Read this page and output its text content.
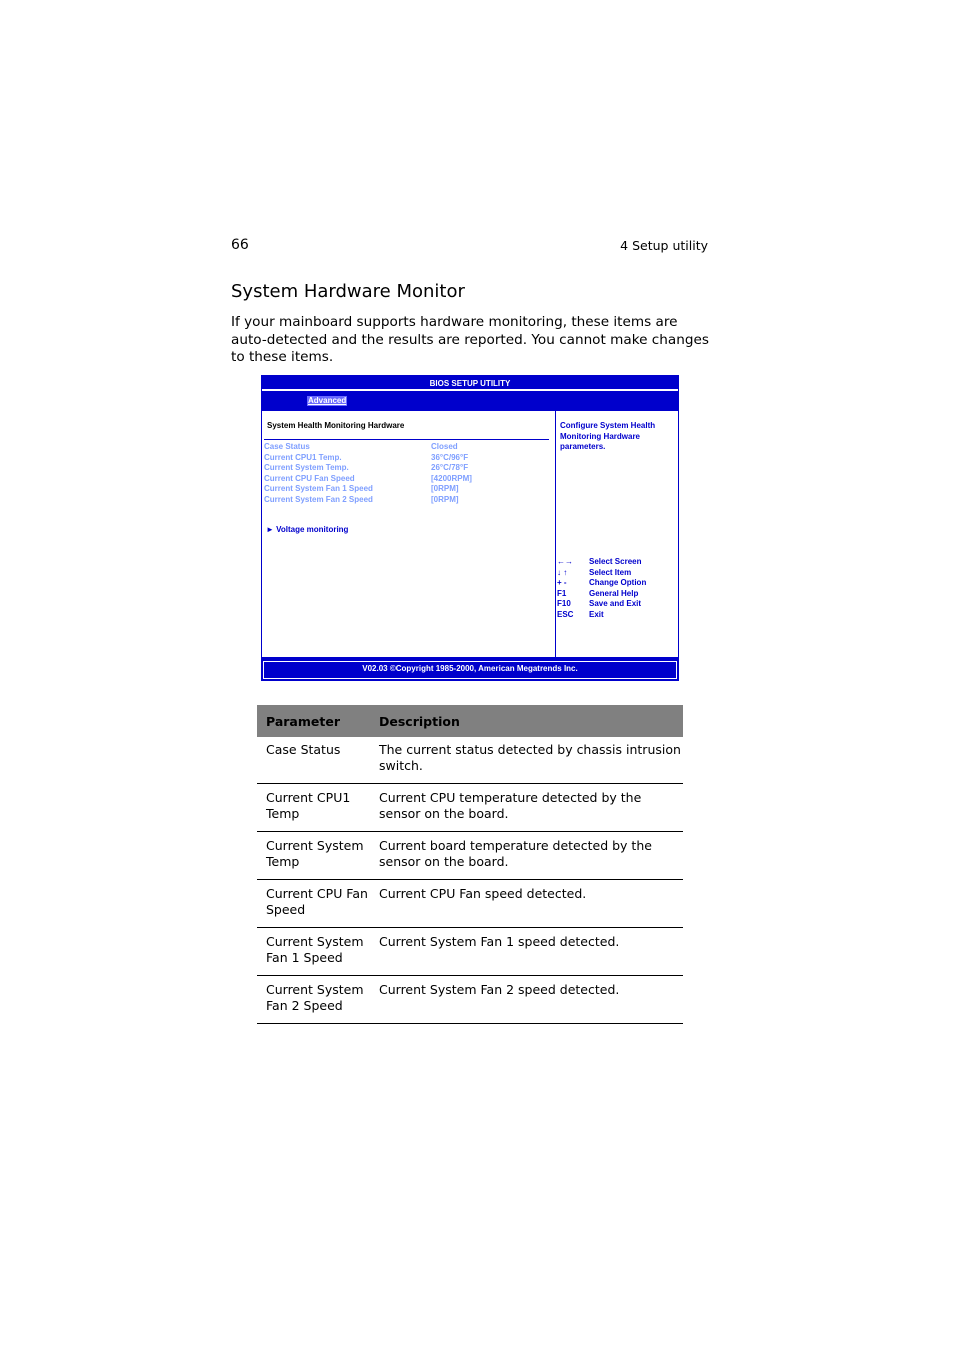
66	4 Setup utility
System Hardware Monitor

If your mainboard supports hardware monitoring, these items are auto-detected and the results are reported. You cannot make changes to these items.

BIOS SETUP UTILITY
Advanced
System Health Monitoring Hardware
Case Status	Closed
Current CPU1 Temp.	36°C/96°F
Current System Temp.	26°C/78°F
Current CPU Fan Speed	[4200RPM]
Current System Fan 1 Speed	[0RPM]
Current System Fan 2 Speed	[0RPM]
► Voltage monitoring
Configure System Health Monitoring Hardware parameters.
←→ Select Screen
↓ ↑	Select Item
+ -	Change Option
F1	General Help
F10 Save and Exit
ESC Exit
V02.03 ©Copyright 1985-2000, American Megatrends Inc.
Parameter	Description
Case Status	The current status detected by chassis intrusion switch.
Current CPU1 Temp	Current CPU temperature detected by the sensor on the board.
Current System Temp	Current board temperature detected by the sensor on the board.
Current CPU Fan Speed	Current CPU Fan speed detected.
Current System Fan 1 Speed	Current System Fan 1 speed detected.
Current System Fan 2 Speed	Current System Fan 2 speed detected.
